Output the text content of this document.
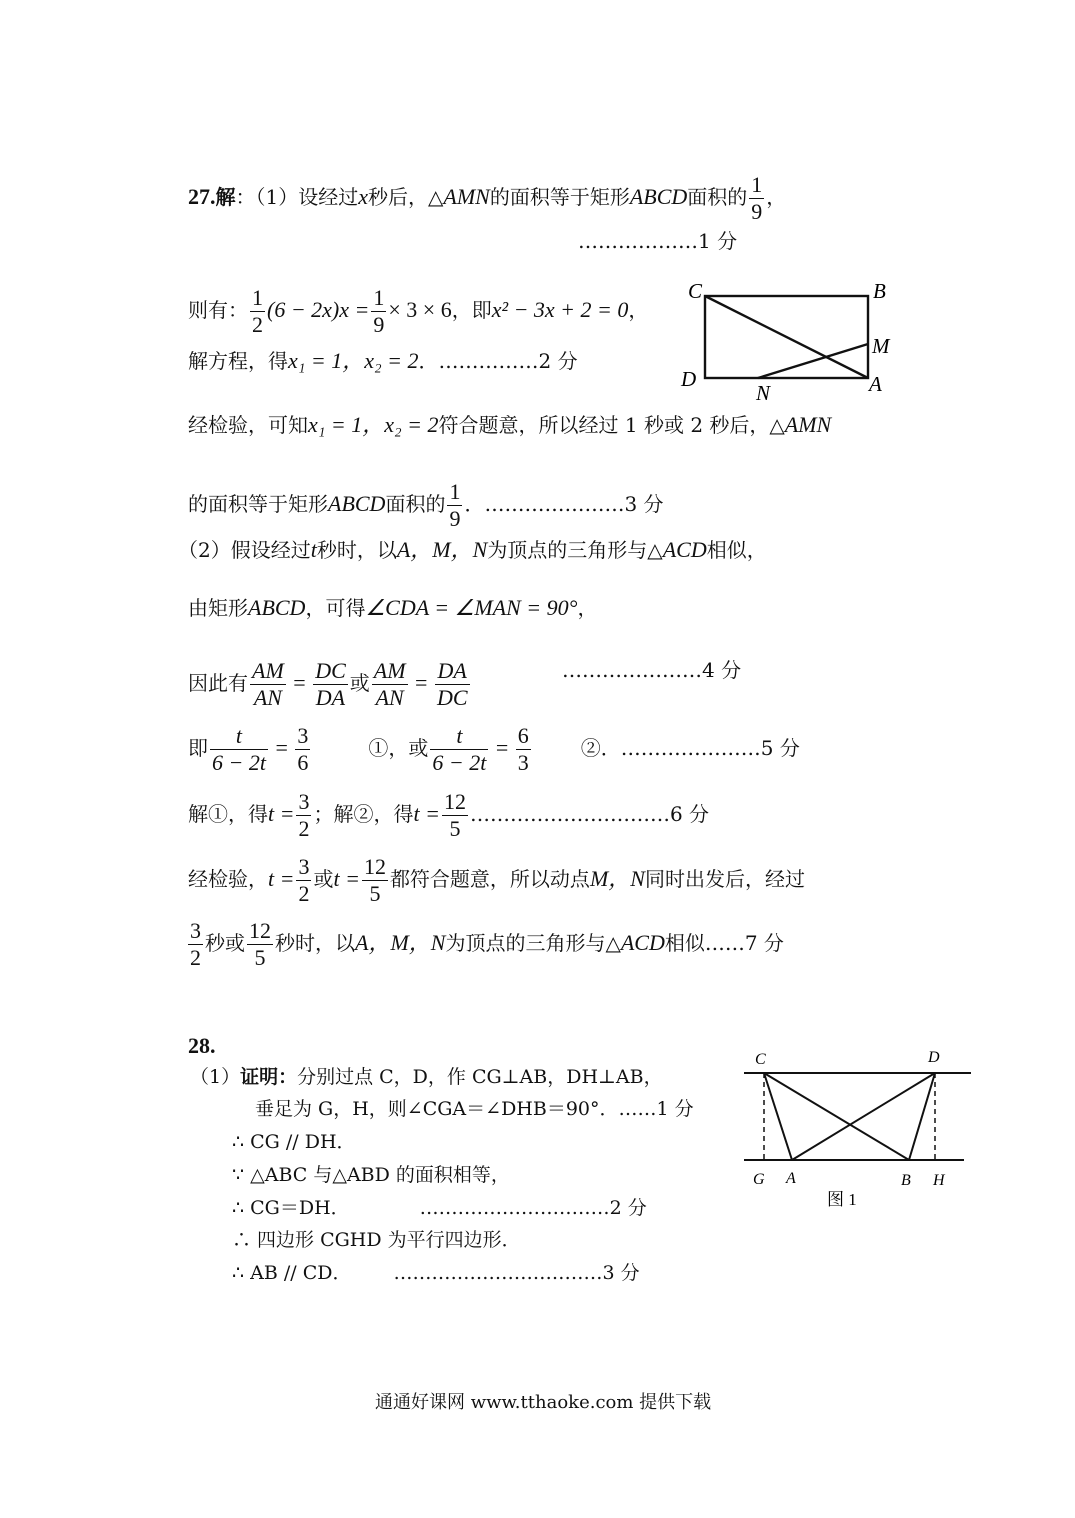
27.解：（1）设经过x秒后，△AMN的面积等于矩形ABCD面积的 $\frac{1}{9}$ ，
………………1 分
则有： $\frac{1}{2} (6 - 2x)x = \frac{1}{9} \times 3 \times 6$，即x² − 3x + 2 = 0，
解方程，得x₁ = 1，x₂ = 2．……………2 分
C	B
M
D
N	A
经检验，可知x₁ = 1，x₂ = 2符合题意，所以经过 1 秒或 2 秒后，△AMN
的面积等于矩形ABCD面积的 $\frac{1}{9}$ ．…………………3 分
（2）假设经过t秒时，以A，M，N为顶点的三角形与△ACD相似，
由矩形ABCD，可得∠CDA = ∠MAN = 90°，
因此有 $\frac{AM}{AN} = \frac{DC}{DA}$ 或 $\frac{AM}{AN} = \frac{DA}{DC}$	…………………4 分
即 $\frac{t}{6 - 2t} = \frac{3}{6}$	①，或 $\frac{t}{6 - 2t} = \frac{6}{3}$	②．…………………5 分
解①，得$t = \frac{3}{2}$ ；解②，得$t = \frac{12}{5}$ …………………………6 分
经检验，$t = \frac{3}{2}$ 或$t = \frac{12}{5}$ 都符合题意，所以动点M，N同时出发后，经过
$\frac{3}{2}$ 秒或 $\frac{12}{5}$ 秒时，以A，M，N为顶点的三角形与△ACD相似……7 分
28.
（1）证明：分别过点 C，D，作 CG⊥AB，DH⊥AB，
垂足为 G，H，则∠CGA＝∠DHB＝90°．……1 分
∴ CG // DH．
∵ △ABC 与△ABD 的面积相等，
∴ CG＝DH．	…………………………2 分
∴ 四边形 CGHD 为平行四边形．
∴ AB // CD． ……………………………3 分
C	D
G A	B H
图 1
通通好课网 www.tthaoke.com 提供下载
